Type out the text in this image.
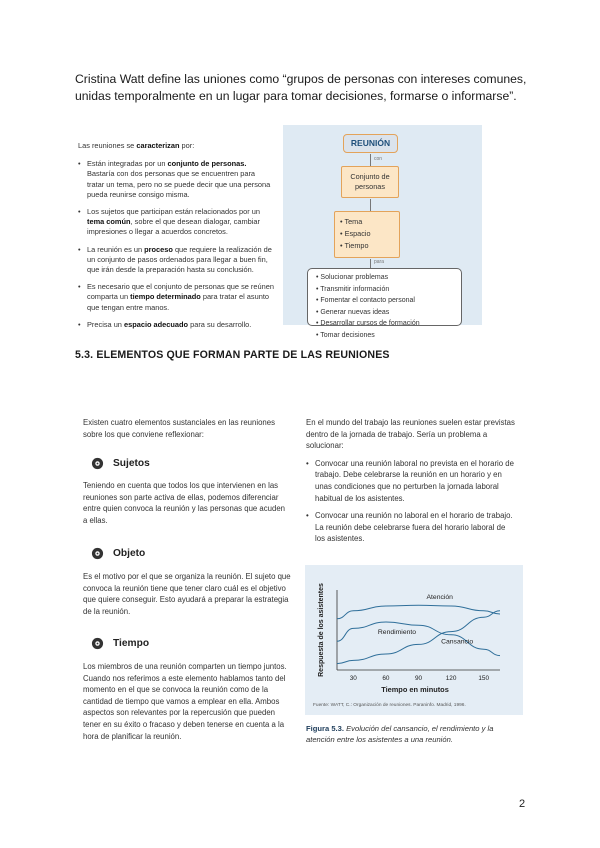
Cristina Watt define las uniones como “grupos de personas con intereses comunes, unidas temporalmente en un lugar para tomar decisiones, formarse o informarse”.

Las reuniones se caracterizan por:

• Están integradas por un conjunto de personas. Bastaría con dos personas que se encuentren para tratar un tema, pero no se puede decir que una persona pueda reunirse consigo misma.
• Los sujetos que participan están relacionados por un tema común, sobre el que desean dialogar, cambiar impresiones o llegar a acuerdos concretos.
• La reunión es un proceso que requiere la realización de un conjunto de pasos ordenados para llegar a buen fin, que irán desde la preparación hasta su conclusión.
• Es necesario que el conjunto de personas que se reúnen comparta un tiempo determinado para tratar el asunto que tengan entre manos.
• Precisa un espacio adecuado para su desarrollo.
REUNIÓN
con
Conjunto de personas
• Tema
• Espacio
• Tiempo
para
• Solucionar problemas
• Transmitir información
• Fomentar el contacto personal
• Generar nuevas ideas
• Desarrollar cursos de formación
• Tomar decisiones
5.3. ELEMENTOS QUE FORMAN PARTE DE LAS REUNIONES

Existen cuatro elementos sustanciales en las reuniones sobre los que conviene reflexionar:

Sujetos

Teniendo en cuenta que todos los que intervienen en las reuniones son parte activa de ellas, podemos diferenciar entre quien convoca la reunión y las personas que acuden a ellas.

Objeto

Es el motivo por el que se organiza la reunión. El sujeto que convoca la reunión tiene que tener claro cuál es el objetivo que quiere conseguir. Esto ayudará a preparar la estrategia de la reunión.

Tiempo

Los miembros de una reunión comparten un tiempo juntos. Cuando nos referimos a este elemento hablamos tanto del momento en el que se convoca la reunión como de la cantidad de tiempo que vamos a emplear en ella. Ambos aspectos son relevantes por la repercusión que pueden tener en su éxito o fracaso y deben tenerse en cuenta a la hora de planificar la reunión.

En el mundo del trabajo las reuniones suelen estar previstas dentro de la jornada de trabajo. Sería un problema a solucionar:

• Convocar una reunión laboral no prevista en el horario de trabajo. Debe celebrarse la reunión en un horario y en unas condiciones que no perturben la jornada laboral habitual de los asistentes.
• Convocar una reunión no laboral en el horario de trabajo. La reunión debe celebrarse fuera del horario laboral de los asistentes.
30	60	90	120	150
Atención
Rendimiento
Cansancio
Respuesta de los asistentes
Tiempo en minutos
Fuente: WATT, C.: Organización de reuniones. Paraninfo. Madrid, 1996.

Figura 5.3. Evolución del cansancio, el rendimiento y la atención entre los asistentes a una reunión.

2
